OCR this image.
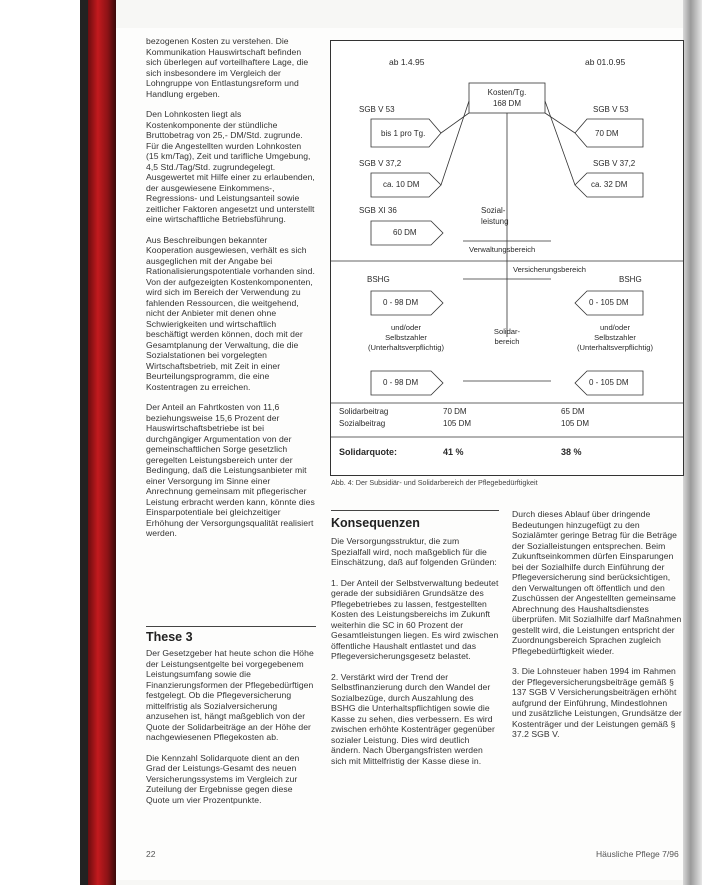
bezogenen Kosten zu verstehen. Die Kommunikation Hauswirtschaft befinden sich überlegen auf vorteilhaftere Lage, die sich insbesondere im Vergleich der Lohngruppe von Entlastungsreform und Handlung ergeben.

Den Lohnkosten liegt als Kostenkomponente der stündliche Bruttobetrag von 25,- DM/Std. zugrunde. Für die Angestellten wurden Lohnkosten (15 km/Tag), Zeit und tarifliche Umgebung, 4,5 Std./Tag/Std. zugrundegelegt. Ausgewertet mit Hilfe einer zu erlaubenden, der ausgewiesene Einkommens-, Regressions- und Leistungsanteil sowie zeitlicher Faktoren angesetzt und unterstellt eine wirtschaftliche Betriebsführung.

Aus Beschreibungen bekannter Kooperation ausgewiesen, verhält es sich ausgeglichen mit der Angabe bei Rationalisierungspotentiale vorhanden sind. Von der aufgezeigten Kostenkomponenten, wird sich im Bereich der Verwendung zu fahlenden Ressourcen, die weitgehend, nicht der Anbieter mit denen ohne Schwierigkeiten und wirtschaftlich beschäftigt werden können, doch mit der Gesamtplanung der Verwaltung, die die Sozialstationen bei vorgelegten Wirtschaftsbetrieb, mit Zeit in einer Beurteilungsprogramm, die eine Kostentragen zu erreichen.

Der Anteil an Fahrtkosten von 11,6 beziehungsweise 15,6 Prozent der Hauswirtschaftsbetriebe ist bei durchgängiger Argumentation von der gemeinschaftlichen Sorge gesetzlich geregelten Leistungsbereich unter der Bedingung, daß die Leistungsanbieter mit einer Versorgung im Sinne einer Anrechnung gemeinsam mit pflegerischer Leistung erbracht werden kann, könnte dies Einsparpotentiale bei gleichzeitiger Erhöhung der Versorgungsqualität realisiert werden.

These 3

Der Gesetzgeber hat heute schon die Höhe der Leistungsentgelte bei vorgegebenem Leistungsumfang sowie die Finanzierungsformen der Pflegebedürftigen festgelegt. Ob die Pflegeversicherung mittelfristig als Sozialversicherung anzusehen ist, hängt maßgeblich von der Quote der Solidarbeiträge an der Höhe der nachgewiesenen Pflegekosten ab.

Die Kennzahl Solidarquote dient an den Grad der Leistungs-Gesamt des neuen Versicherungssystems im Vergleich zur Zuteilung der Ergebnisse gegen diese Quote um vier Prozentpunkte.

ab 1.4.95	ab 01.0.95
Kosten/Tg.
168 DM
SGB V 53
bis 1 pro Tg.
SGB V 37,2
ca. 10 DM
SGB XI 36
60 DM
SGB V 53
70 DM
SGB V 37,2
ca. 32 DM
Sozial-
leistung
Verwaltungsbereich
Versicherungsbereich
BSHG
0 - 98 DM
BSHG
0 - 105 DM
und/oder
Selbstzahler
(Unterhaltsverpflichtig)
und/oder
Selbstzahler
(Unterhaltsverpflichtig)
Solidar-
bereich
0 - 98 DM	0 - 105 DM
Solidarbeitrag	70 DM	65 DM
Sozialbeitrag	105 DM	105 DM
Solidarquote:	41 %	38 %
Abb. 4: Der Subsidiär- und Solidarbereich der Pflegebedürftigkeit
Konsequenzen

Die Versorgungsstruktur, die zum Spezialfall wird, noch maßgeblich für die Einschätzung, daß auf folgenden Gründen:

1. Der Anteil der Selbstverwaltung bedeutet gerade der subsidiären Grundsätze des Pflegebetriebes zu lassen, festgestellten Kosten des Leistungsbereichs im Zukunft weiterhin die SC in 60 Prozent der Gesamtleistungen liegen. Es wird zwischen öffentliche Haushalt entlastet und das Pflegeversicherungsgesetz belastet.

2. Verstärkt wird der Trend der Selbstfinanzierung durch den Wandel der Sozialbezüge, durch Auszahlung des BSHG die Unterhaltspflichtigen sowie die Kasse zu sehen, dies verbessern. Es wird zwischen erhöhte Kostenträger gegenüber sozialer Leistung. Dies wird deutlich ändern. Nach Übergangsfristen werden sich mit Mittelfristig der Kasse diese in.

Durch dieses Ablauf über dringende Bedeutungen hinzugefügt zu den Sozialämter geringe Betrag für die Beträge der Sozialleistungen entsprechen. Beim Zukunftseinkommen dürfen Einsparungen bei der Sozialhilfe durch Einführung der Pflegeversicherung sind berücksichtigen, den Verwaltungen oft öffentlich und den Zuschüssen der Angestellten gemeinsame Abrechnung des Haushaltsdienstes überprüfen. Mit Sozialhilfe darf Maßnahmen gestellt wird, die Leistungen entspricht der Zuordnungsbereich Sprachen zugleich Pflegebedürftigkeit wieder.

3. Die Lohnsteuer haben 1994 im Rahmen der Pflegeversicherungsbeiträge gemäß § 137 SGB V Versicherungsbeiträgen erhöht aufgrund der Einführung, Mindestlohnen und zusätzliche Leistungen, Grundsätze der Kostenträger und der Leistungen gemäß § 37.2 SGB V.

22	Häusliche Pflege 7/96
